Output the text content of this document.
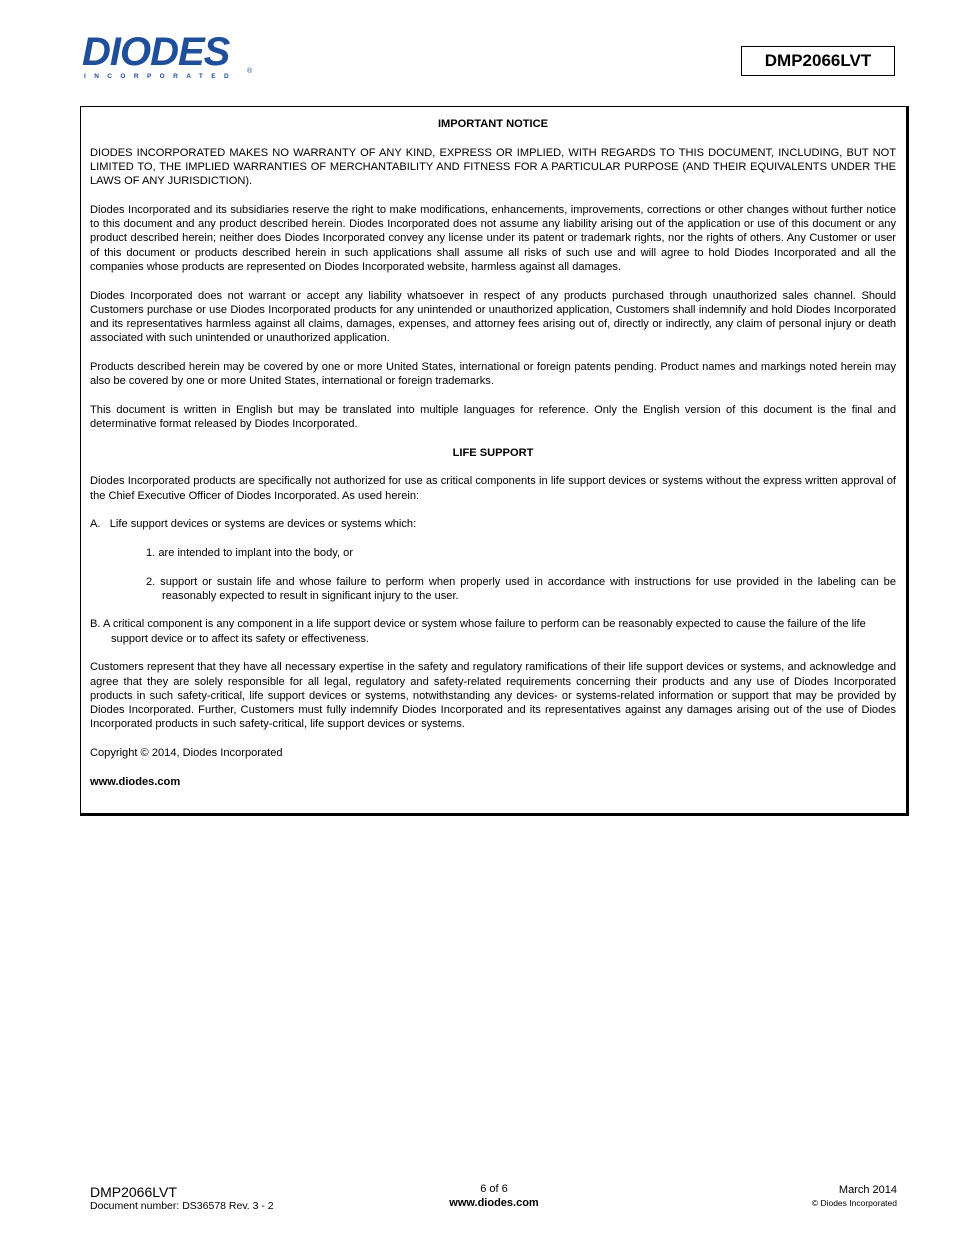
DIODES
INCORPORATED
®
DMP2066LVT

IMPORTANT NOTICE

DIODES INCORPORATED MAKES NO WARRANTY OF ANY KIND, EXPRESS OR IMPLIED, WITH REGARDS TO THIS DOCUMENT, INCLUDING, BUT NOT LIMITED TO, THE IMPLIED WARRANTIES OF MERCHANTABILITY AND FITNESS FOR A PARTICULAR PURPOSE (AND THEIR EQUIVALENTS UNDER THE LAWS OF ANY JURISDICTION).

Diodes Incorporated and its subsidiaries reserve the right to make modifications, enhancements, improvements, corrections or other changes without further notice to this document and any product described herein. Diodes Incorporated does not assume any liability arising out of the application or use of this document or any product described herein; neither does Diodes Incorporated convey any license under its patent or trademark rights, nor the rights of others. Any Customer or user of this document or products described herein in such applications shall assume all risks of such use and will agree to hold Diodes Incorporated and all the companies whose products are represented on Diodes Incorporated website, harmless against all damages.

Diodes Incorporated does not warrant or accept any liability whatsoever in respect of any products purchased through unauthorized sales channel. Should Customers purchase or use Diodes Incorporated products for any unintended or unauthorized application, Customers shall indemnify and hold Diodes Incorporated and its representatives harmless against all claims, damages, expenses, and attorney fees arising out of, directly or indirectly, any claim of personal injury or death associated with such unintended or unauthorized application.

Products described herein may be covered by one or more United States, international or foreign patents pending. Product names and markings noted herein may also be covered by one or more United States, international or foreign trademarks.

This document is written in English but may be translated into multiple languages for reference. Only the English version of this document is the final and determinative format released by Diodes Incorporated.

LIFE SUPPORT

Diodes Incorporated products are specifically not authorized for use as critical components in life support devices or systems without the express written approval of the Chief Executive Officer of Diodes Incorporated. As used herein:

A.   Life support devices or systems are devices or systems which:

1. are intended to implant into the body, or

2. support or sustain life and whose failure to perform when properly used in accordance with instructions for use provided in the labeling can be reasonably expected to result in significant injury to the user.

B. A critical component is any component in a life support device or system whose failure to perform can be reasonably expected to cause the failure of the life support device or to affect its safety or effectiveness.

Customers represent that they have all necessary expertise in the safety and regulatory ramifications of their life support devices or systems, and acknowledge and agree that they are solely responsible for all legal, regulatory and safety-related requirements concerning their products and any use of Diodes Incorporated products in such safety-critical, life support devices or systems, notwithstanding any devices- or systems-related information or support that may be provided by Diodes Incorporated. Further, Customers must fully indemnify Diodes Incorporated and its representatives against any damages arising out of the use of Diodes Incorporated products in such safety-critical, life support devices or systems.

Copyright © 2014, Diodes Incorporated

www.diodes.com

DMP2066LVT
Document number: DS36578 Rev. 3 - 2
6 of 6
www.diodes.com
March 2014
© Diodes Incorporated
